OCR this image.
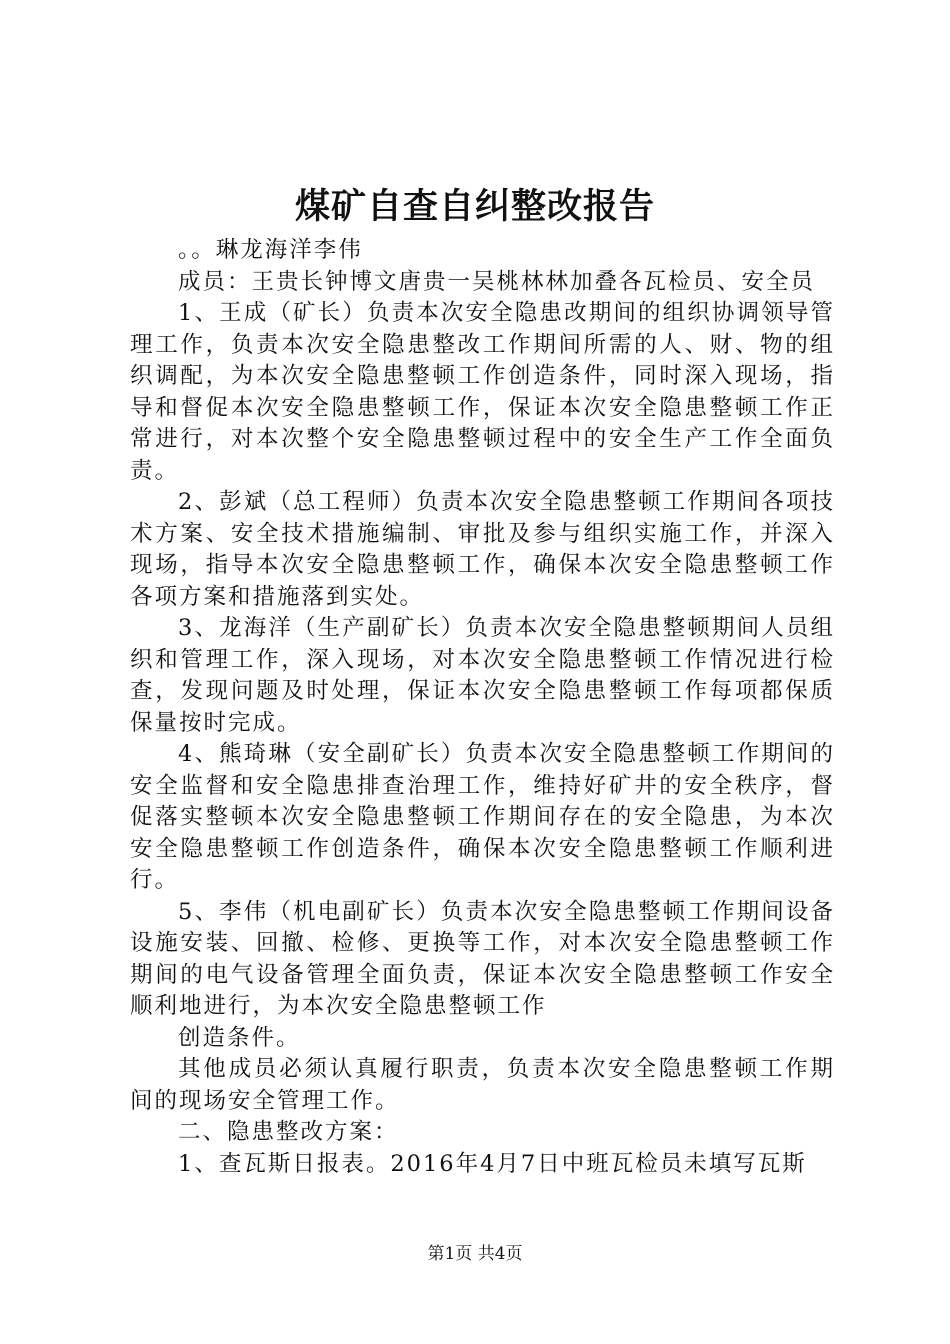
煤矿自查自纠整改报告

。。琳龙海洋李伟

成员：王贵长钟博文唐贵一吴桃林林加叠各瓦检员、安全员

1、王成（矿长）负责本次安全隐患改期间的组织协调领导管理工作，负责本次安全隐患整改工作期间所需的人、财、物的组织调配，为本次安全隐患整顿工作创造条件，同时深入现场，指导和督促本次安全隐患整顿工作，保证本次安全隐患整顿工作正常进行，对本次整个安全隐患整顿过程中的安全生产工作全面负责。

2、彭斌（总工程师）负责本次安全隐患整顿工作期间各项技术方案、安全技术措施编制、审批及参与组织实施工作，并深入现场，指导本次安全隐患整顿工作，确保本次安全隐患整顿工作各项方案和措施落到实处。

3、龙海洋（生产副矿长）负责本次安全隐患整顿期间人员组织和管理工作，深入现场，对本次安全隐患整顿工作情况进行检查，发现问题及时处理，保证本次安全隐患整顿工作每项都保质保量按时完成。

4、熊琦琳（安全副矿长）负责本次安全隐患整顿工作期间的安全监督和安全隐患排查治理工作，维持好矿井的安全秩序，督促落实整顿本次安全隐患整顿工作期间存在的安全隐患，为本次安全隐患整顿工作创造条件，确保本次安全隐患整顿工作顺利进行。

5、李伟（机电副矿长）负责本次安全隐患整顿工作期间设备设施安装、回撤、检修、更换等工作，对本次安全隐患整顿工作期间的电气设备管理全面负责，保证本次安全隐患整顿工作安全顺利地进行，为本次安全隐患整顿工作

创造条件。

其他成员必须认真履行职责，负责本次安全隐患整顿工作期间的现场安全管理工作。

二、隐患整改方案：

1、查瓦斯日报表。2016年4月7日中班瓦检员未填写瓦斯

第1页 共4页
